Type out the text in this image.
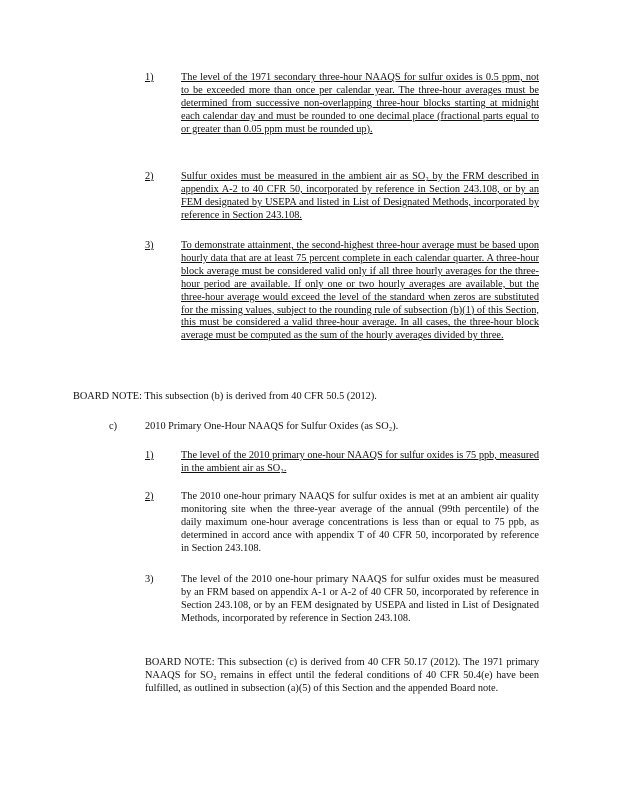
1)	The level of the 1971 secondary three-hour NAAQS for sulfur oxides is 0.5 ppm, not to be exceeded more than once per calendar year. The three-hour averages must be determined from successive non-overlapping three-hour blocks starting at midnight each calendar day and must be rounded to one decimal place (fractional parts equal to or greater than 0.05 ppm must be rounded up).
2)	Sulfur oxides must be measured in the ambient air as SO₂ by the FRM described in appendix A-2 to 40 CFR 50, incorporated by reference in Section 243.108, or by an FEM designated by USEPA and listed in List of Designated Methods, incorporated by reference in Section 243.108.
3)	To demonstrate attainment, the second-highest three-hour average must be based upon hourly data that are at least 75 percent complete in each calendar quarter. A three-hour block average must be considered valid only if all three hourly averages for the three-hour period are available. If only one or two hourly averages are available, but the three-hour average would exceed the level of the standard when zeros are substituted for the missing values, subject to the rounding rule of subsection (b)(1) of this Section, this must be considered a valid three-hour average. In all cases, the three-hour block average must be computed as the sum of the hourly averages divided by three.
BOARD NOTE: This subsection (b) is derived from 40 CFR 50.5 (2012).
c)	2010 Primary One-Hour NAAQS for Sulfur Oxides (as SO₂).
1)	The level of the 2010 primary one-hour NAAQS for sulfur oxides is 75 ppb, measured in the ambient air as SO₂.
2)	The 2010 one-hour primary NAAQS for sulfur oxides is met at an ambient air quality monitoring site when the three-year average of the annual (99th percentile) of the daily maximum one-hour average concentrations is less than or equal to 75 ppb, as determined in accord ance with appendix T of 40 CFR 50, incorporated by reference in Section 243.108.
3)	The level of the 2010 one-hour primary NAAQS for sulfur oxides must be measured by an FRM based on appendix A-1 or A-2 of 40 CFR 50, incorporated by reference in Section 243.108, or by an FEM designated by USEPA and listed in List of Designated Methods, incorporated by reference in Section 243.108.
BOARD NOTE: This subsection (c) is derived from 40 CFR 50.17 (2012). The 1971 primary NAAQS for SO₂ remains in effect until the federal conditions of 40 CFR 50.4(e) have been fulfilled, as outlined in subsection (a)(5) of this Section and the appended Board note.
